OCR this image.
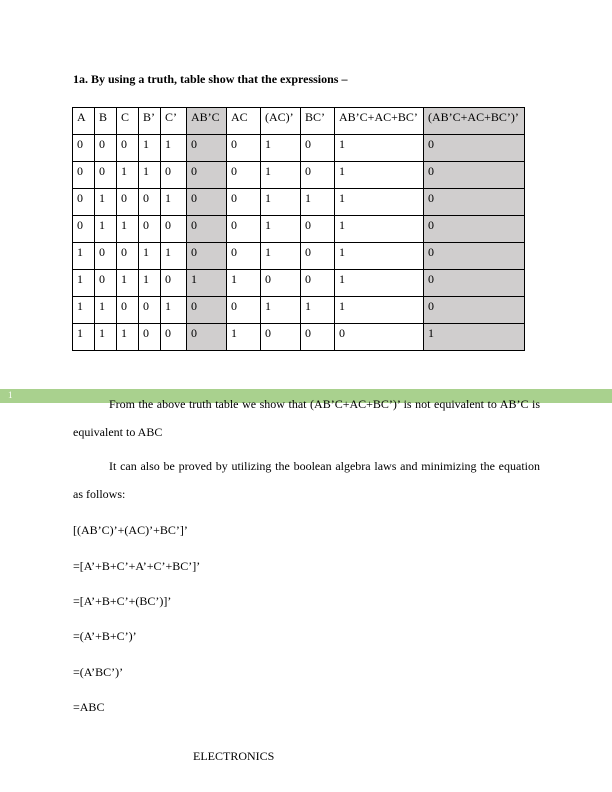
1a. By using a truth, table show that the expressions –
A	B	C	B’	C’	AB’C	AC	(AC)’	BC’	AB’C+AC+BC’	(AB’C+AC+BC’)’
0	0	0	1	1	0	0	1	0	1	0
0	0	1	1	0	0	0	1	0	1	0
0	1	0	0	1	0	0	1	1	1	0
0	1	1	0	0	0	0	1	0	1	0
1	0	0	1	1	0	0	1	0	1	0
1	0	1	1	0	1	1	0	0	1	0
1	1	0	0	1	0	0	1	1	1	0
1	1	1	0	0	0	1	0	0	0	1
1
From the above truth table we show that (AB’C+AC+BC’)’ is not equivalent to AB’C is equivalent to ABC
It can also be proved by utilizing the boolean algebra laws and minimizing the equation as follows:
[(AB’C)’+(AC)’+BC’]’
=[A’+B+C’+A’+C’+BC’]’
=[A’+B+C’+(BC’)]’
=(A’+B+C’)’
=(A’BC’)’
=ABC
ELECTRONICS
